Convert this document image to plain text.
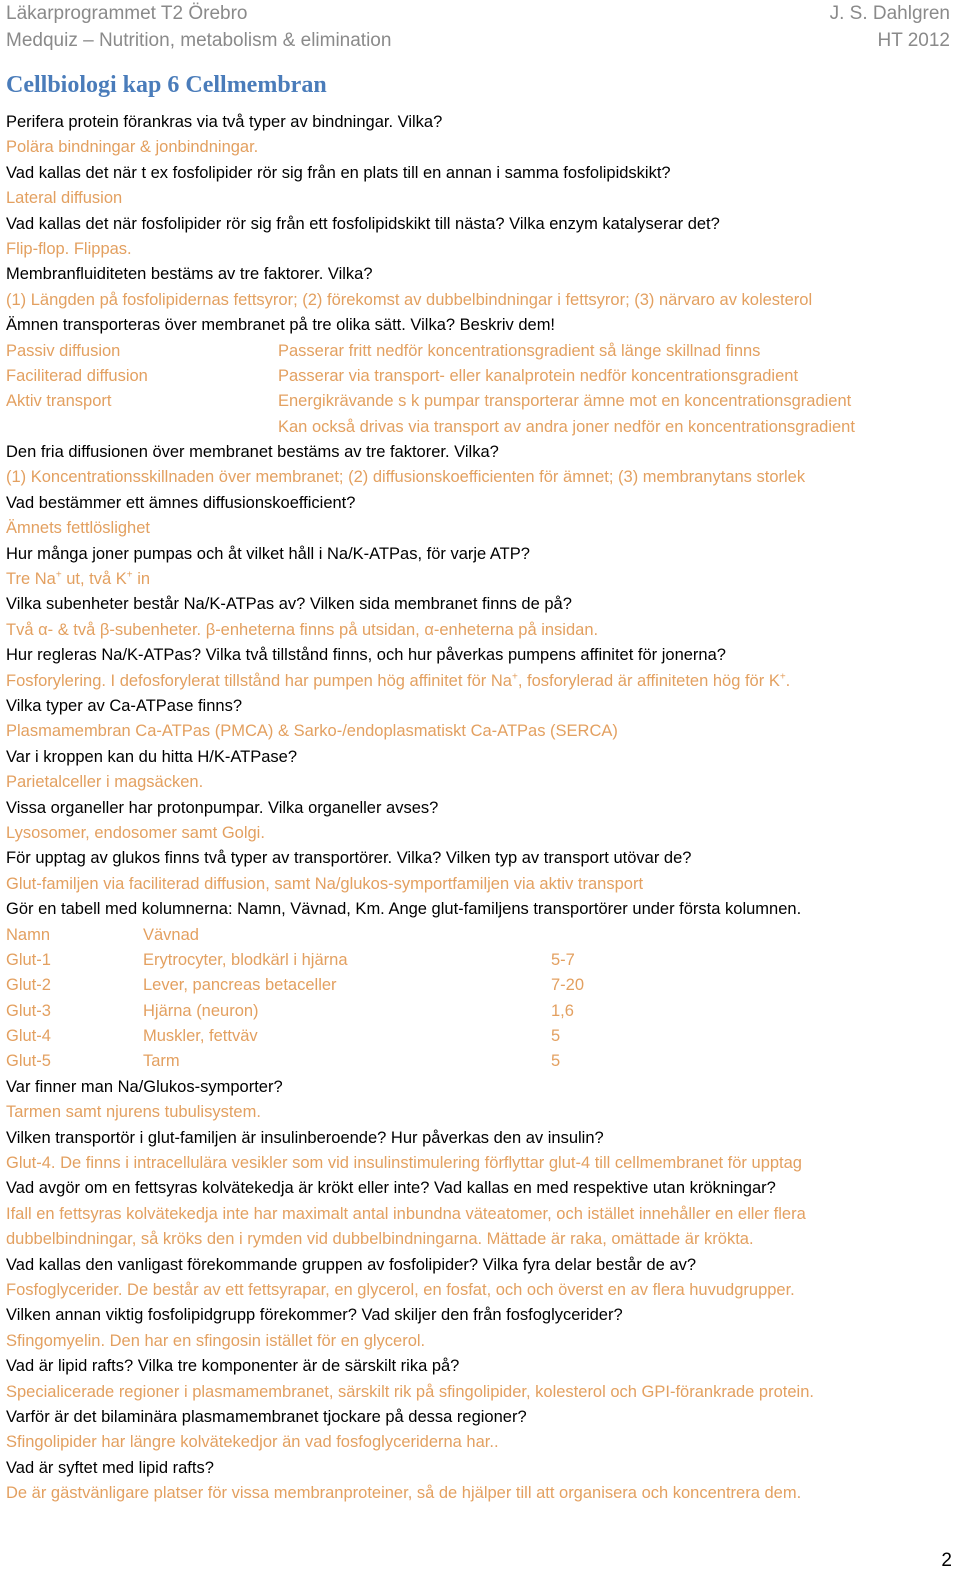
Läkarprogrammet T2 Örebro	J. S. Dahlgren
Medquiz – Nutrition, metabolism & elimination	HT 2012
Cellbiologi kap 6 Cellmembran
Perifera protein förankras via två typer av bindningar. Vilka?
Polära bindningar & jonbindningar.
Vad kallas det när t ex fosfolipider rör sig från en plats till en annan i samma fosfolipidskikt?
Lateral diffusion
Vad kallas det när fosfolipider rör sig från ett fosfolipidskikt till nästa? Vilka enzym katalyserar det?
Flip-flop. Flippas.
Membranfluiditeten bestäms av tre faktorer. Vilka?
(1) Längden på fosfolipidernas fettsyror; (2) förekomst av dubbelbindningar i fettsyror; (3) närvaro av kolesterol
Ämnen transporteras över membranet på tre olika sätt. Vilka? Beskriv dem!
Passiv diffusion	Passerar fritt nedför koncentrationsgradient så länge skillnad finns
Faciliterad diffusion	Passerar via transport- eller kanalprotein nedför koncentrationsgradient
Aktiv transport	Energikrävande s k pumpar transporterar ämne mot en koncentrationsgradient
Kan också drivas via transport av andra joner nedför en koncentrationsgradient
Den fria diffusionen över membranet bestäms av tre faktorer. Vilka?
(1) Koncentrationsskillnaden över membranet; (2) diffusionskoefficienten för ämnet; (3) membranytans storlek
Vad bestämmer ett ämnes diffusionskoefficient?
Ämnets fettlöslighet
Hur många joner pumpas och åt vilket håll i Na/K-ATPas, för varje ATP?
Tre Na+ ut, två K+ in
Vilka subenheter består Na/K-ATPas av? Vilken sida membranet finns de på?
Två α- & två β-subenheter. β-enheterna finns på utsidan, α-enheterna på insidan.
Hur regleras Na/K-ATPas? Vilka två tillstånd finns, och hur påverkas pumpens affinitet för jonerna?
Fosforylering. I defosforylerat tillstånd har pumpen hög affinitet för Na+, fosforylerad är affiniteten hög för K+.
Vilka typer av Ca-ATPase finns?
Plasmamembran Ca-ATPas (PMCA) & Sarko-/endoplasmatiskt Ca-ATPas (SERCA)
Var i kroppen kan du hitta H/K-ATPase?
Parietalceller i magsäcken.
Vissa organeller har protonpumpar. Vilka organeller avses?
Lysosomer, endosomer samt Golgi.
För upptag av glukos finns två typer av transportörer. Vilka? Vilken typ av transport utövar de?
Glut-familjen via faciliterad diffusion, samt Na/glukos-symportfamiljen via aktiv transport
Gör en tabell med kolumnerna: Namn, Vävnad, Km. Ange glut-familjens transportörer under första kolumnen.
Namn	Vävnad
Glut-1	Erytrocyter, blodkärl i hjärna	5-7
Glut-2	Lever, pancreas betaceller	7-20
Glut-3	Hjärna (neuron)	1,6
Glut-4	Muskler, fettväv	5
Glut-5	Tarm	5
Var finner man Na/Glukos-symporter?
Tarmen samt njurens tubulisystem.
Vilken transportör i glut-familjen är insulinberoende? Hur påverkas den av insulin?
Glut-4. De finns i intracellulära vesikler som vid insulinstimulering förflyttar glut-4 till cellmembranet för upptag
Vad avgör om en fettsyras kolvätekedja är krökt eller inte? Vad kallas en med respektive utan krökningar?
Ifall en fettsyras kolvätekedja inte har maximalt antal inbundna väteatomer, och istället innehåller en eller flera
dubbelbindningar, så kröks den i rymden vid dubbelbindningarna. Mättade är raka, omättade är krökta.
Vad kallas den vanligast förekommande gruppen av fosfolipider? Vilka fyra delar består de av?
Fosfoglycerider. De består av ett fettsyrapar, en glycerol, en fosfat, och och överst en av flera huvudgrupper.
Vilken annan viktig fosfolipidgrupp förekommer? Vad skiljer den från fosfoglycerider?
Sfingomyelin. Den har en sfingosin istället för en glycerol.
Vad är lipid rafts? Vilka tre komponenter är de särskilt rika på?
Specialicerade regioner i plasmamembranet, särskilt rik på sfingolipider, kolesterol och GPI-förankrade protein.
Varför är det bilaminära plasmamembranet tjockare på dessa regioner?
Sfingolipider har längre kolvätekedjor än vad fosfoglyceriderna har..
Vad är syftet med lipid rafts?
De är gästvänligare platser för vissa membranproteiner, så de hjälper till att organisera och koncentrera dem.
2
